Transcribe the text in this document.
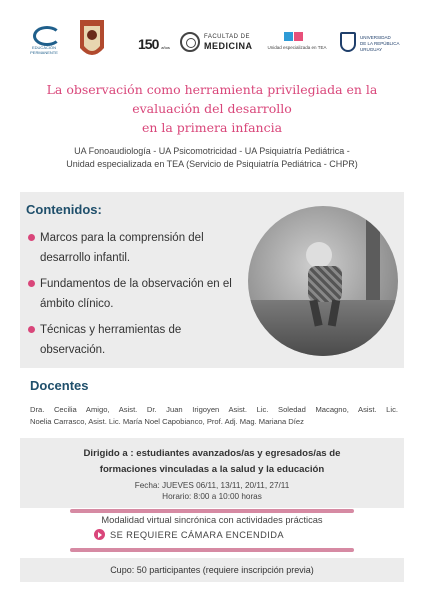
EDUCACIÓN PERMANENTE
150 años
FACULTAD DE
MEDICINA	Unidad especializada en TEA
UNIVERSIDAD
DE LA REPÚBLICA
URUGUAY
La observación como herramienta privilegiada en la
evaluación del desarrollo
en la primera infancia
UA Fonoaudiología - UA Psicomotricidad - UA Psiquiatría Pediátrica -
Unidad especializada en TEA (Servicio de Psiquiatría Pediátrica - CHPR)
Contenidos:
Marcos para la comprensión del desarrollo infantil.
Fundamentos de la observación en el ámbito clínico.
Técnicas y herramientas de observación.
Docentes
Dra. Cecilia Amigo, Asist. Dr. Juan Irigoyen Asist. Lic. Soledad Macagno, Asist. Lic.
Noelia Carrasco, Asist. Lic. María Noel Capobianco, Prof. Adj. Mag. Mariana Díez
Dirigido a : estudiantes avanzados/as y egresados/as de
formaciones vinculadas a la salud y la educación
Fecha: JUEVES 06/11, 13/11, 20/11, 27/11
Horario: 8:00 a 10:00 horas
Modalidad virtual sincrónica con actividades prácticas
SE REQUIERE CÁMARA ENCENDIDA
Cupo: 50 participantes (requiere inscripción previa)
